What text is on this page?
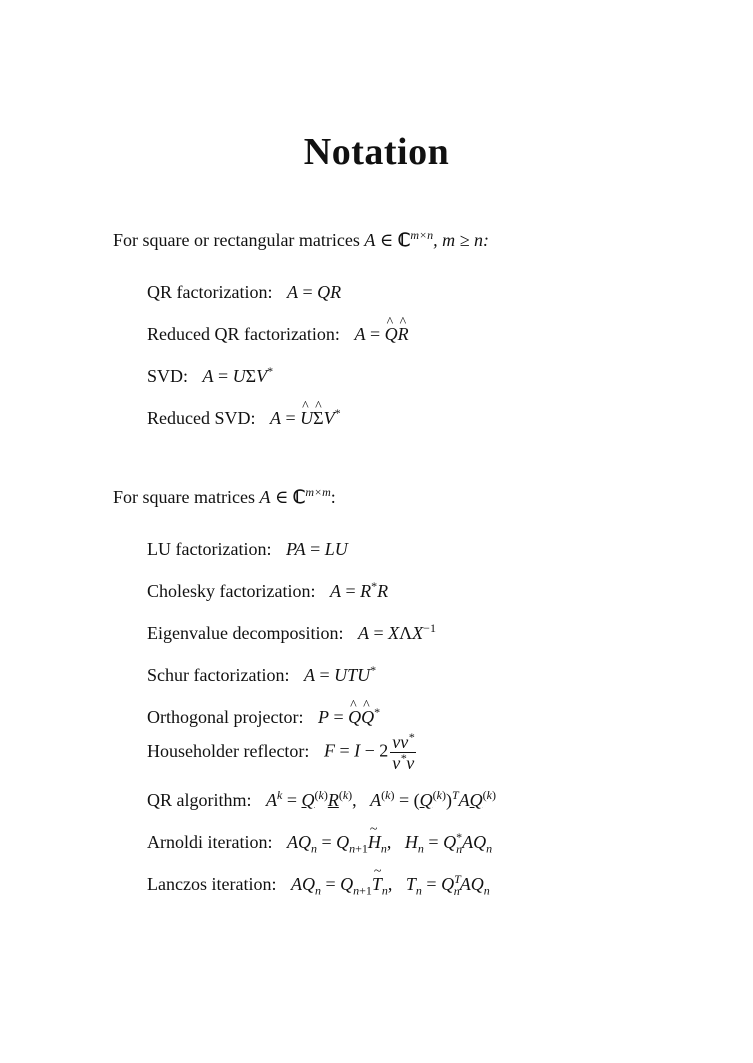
Notation
For square or rectangular matrices A ∈ ℂ$^{m\times n}$, m ≥ n:
QR factorization: A = QR
Reduced QR factorization: A = ^ Q^ R
SVD: A = UΣV*
Reduced SVD: A = ^ U^ ΣV*
For square matrices A ∈ ℂ$^{m\times m}$:
LU factorization: PA = LU
Cholesky factorization: A = R*R
Eigenvalue decomposition: $A = X\Lambda X^{-1}$
Schur factorization: A = UTU*
Orthogonal projector: P = ^ Q^ Q*
Householder reflector: $F = I - 2 \frac{vv^*}{v^*v}$
QR algorithm: $A^k = Q^{(k)}R^{(k)}$,   $A^{(k)} = (Q^{(k)})^TAQ^{(k)}$
Arnoldi iteration: $AQ_n$ = $Q_{n+1}\sim$ $H_n$,   $H_n = Q^*_nAQ_n$
Lanczos iteration: $AQ_n$ = $Q_{n+1}\sim$ $T_n$,   $T_n = Q^T_nAQ_n$
